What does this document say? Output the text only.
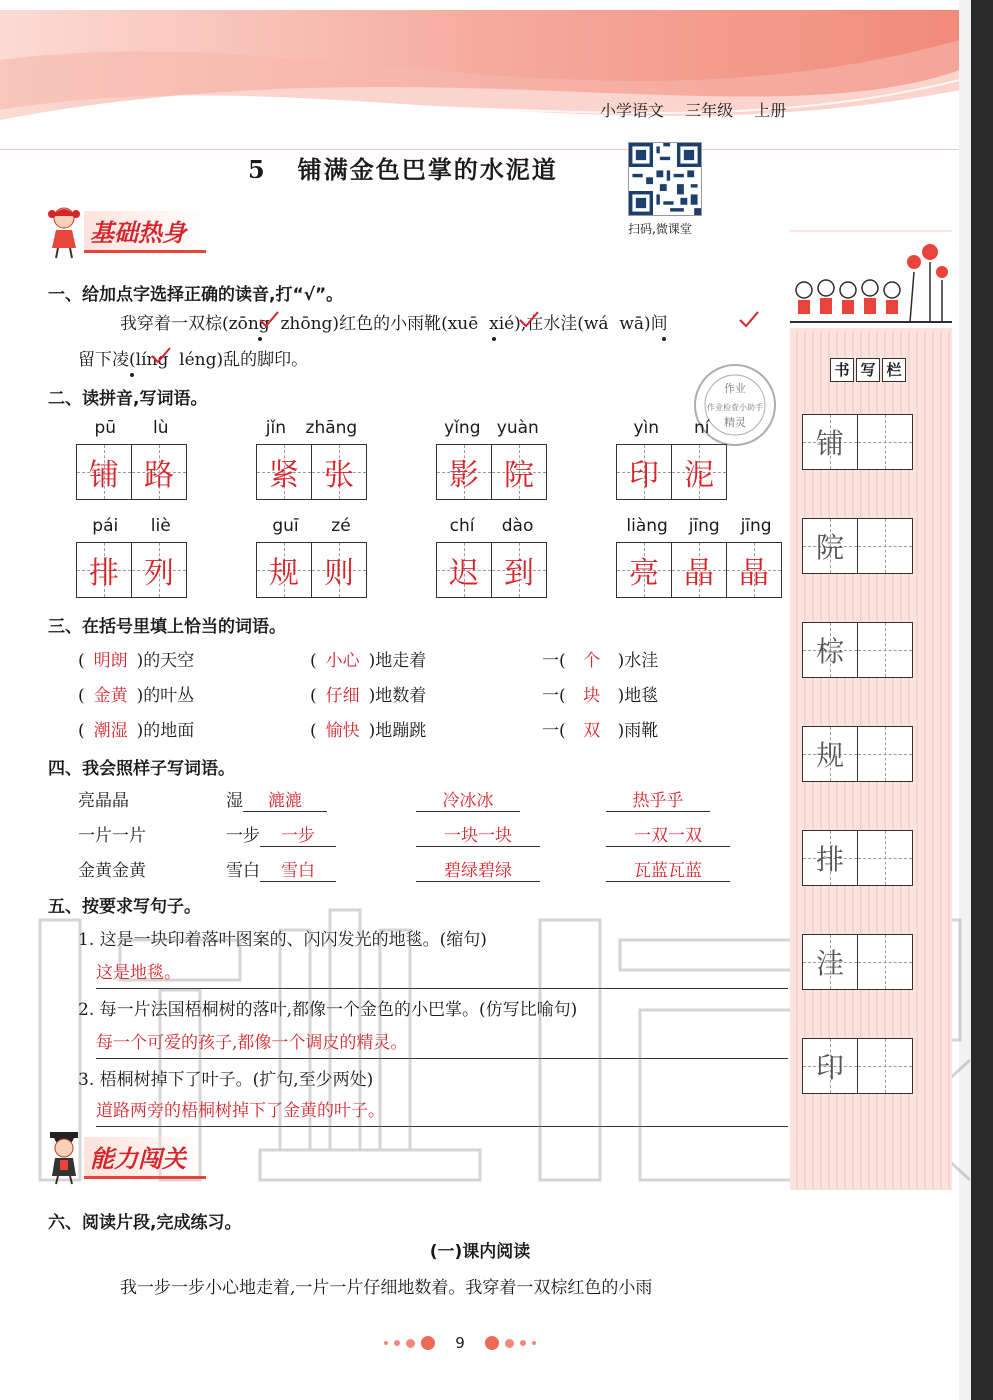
小学语文 三年级 上册
5   铺满金色巴掌的水泥道
扫码,微课堂
基础热身
一、给加点字选择正确的读音,打“√”。
我穿着一双棕(zōng  zhōng)红色的小雨靴(xuē  xié),在水洼(wá  wā)间
留下凌(líng  léng)乱的脚印。
作业
作业检查小助手
精灵
二、读拼音,写词语。
pū lù
铺 路
jǐn zhāng
紧 张
yǐng yuàn
影 院
yìn ní
印 泥
pái liè
排 列
guī zé
规 则
chí dào
迟 到
liàng jīng jīng
亮 晶 晶
三、在括号里填上恰当的词语。
( 明朗 )的天空	( 小心 )地走着	一( 个 )水洼
( 金黄 )的叶丛	( 仔细 )地数着	一( 块 )地毯
( 潮湿 )的地面	( 愉快 )地蹦跳	一( 双 )雨靴
四、我会照样子写词语。
亮晶晶	湿 漉漉	冷冰冰	热乎乎
一片一片	一步 一步	一块一块	一双一双
金黄金黄	雪白 雪白	碧绿碧绿	瓦蓝瓦蓝
五、按要求写句子。
1. 这是一块印着落叶图案的、闪闪发光的地毯。(缩句)
这是地毯。
2. 每一片法国梧桐树的落叶,都像一个金色的小巴掌。(仿写比喻句)
每一个可爱的孩子,都像一个调皮的精灵。
3. 梧桐树掉下了叶子。(扩句,至少两处)
道路两旁的梧桐树掉下了金黄的叶子。
能力闯关
六、阅读片段,完成练习。
(一)课内阅读
我一步一步小心地走着,一片一片仔细地数着。我穿着一双棕红色的小雨
书 写 栏
铺
院
棕
规
排
洼
印
9
